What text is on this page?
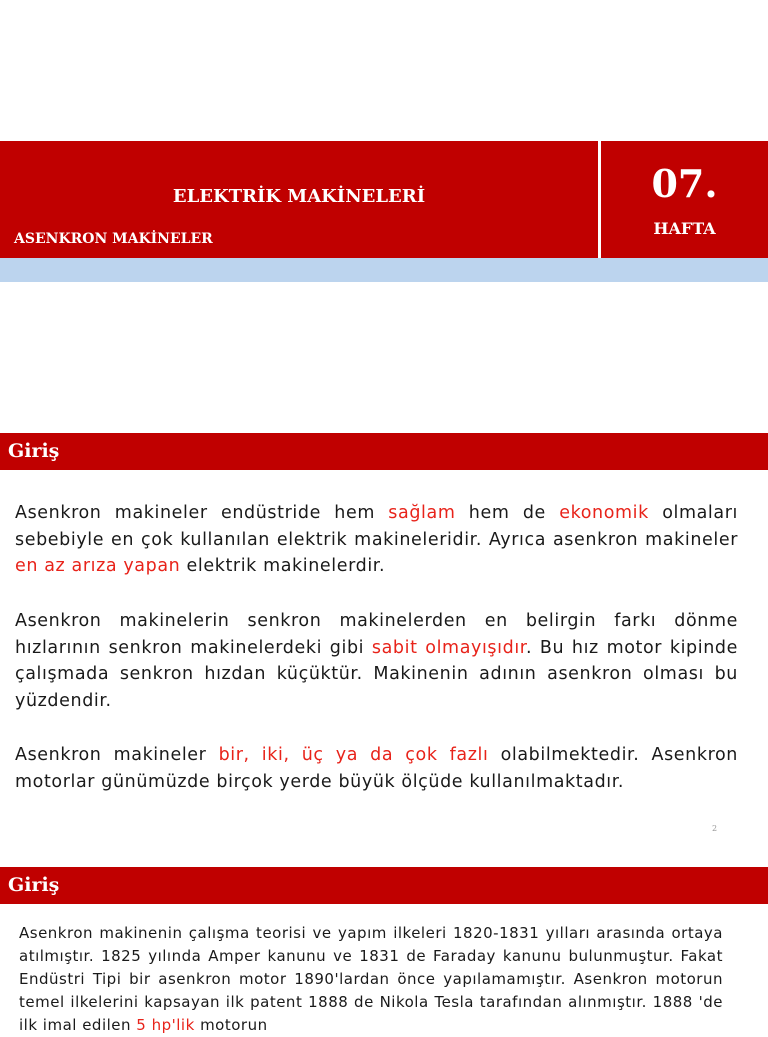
ELEKTRİK MAKİNELERİ
ASENKRON MAKİNELER
07.
HAFTA
Giriş
Asenkron makineler endüstride hem sağlam hem de ekonomik olmaları sebebiyle en çok kullanılan elektrik makineleridir. Ayrıca asenkron makineler en az arıza yapan elektrik makinelerdir.
Asenkron makinelerin senkron makinelerden en belirgin farkı dönme hızlarının senkron makinelerdeki gibi sabit olmayışıdır. Bu hız motor kipinde çalışmada senkron hızdan küçüktür. Makinenin adının asenkron olması bu yüzdendir.
Asenkron makineler bir, iki, üç ya da çok fazlı olabilmektedir. Asenkron motorlar günümüzde birçok yerde büyük ölçüde kullanılmaktadır.
2
Giriş
Asenkron makinenin çalışma teorisi ve yapım ilkeleri 1820-1831 yılları arasında ortaya atılmıştır. 1825 yılında Amper kanunu ve 1831 de Faraday kanunu bulunmuştur. Fakat Endüstri Tipi bir asenkron motor 1890'lardan önce yapılamamıştır. Asenkron motorun temel ilkelerini kapsayan ilk patent 1888 de Nikola Tesla tarafından alınmıştır. 1888 'de ilk imal edilen 5 hp'lik motorun
